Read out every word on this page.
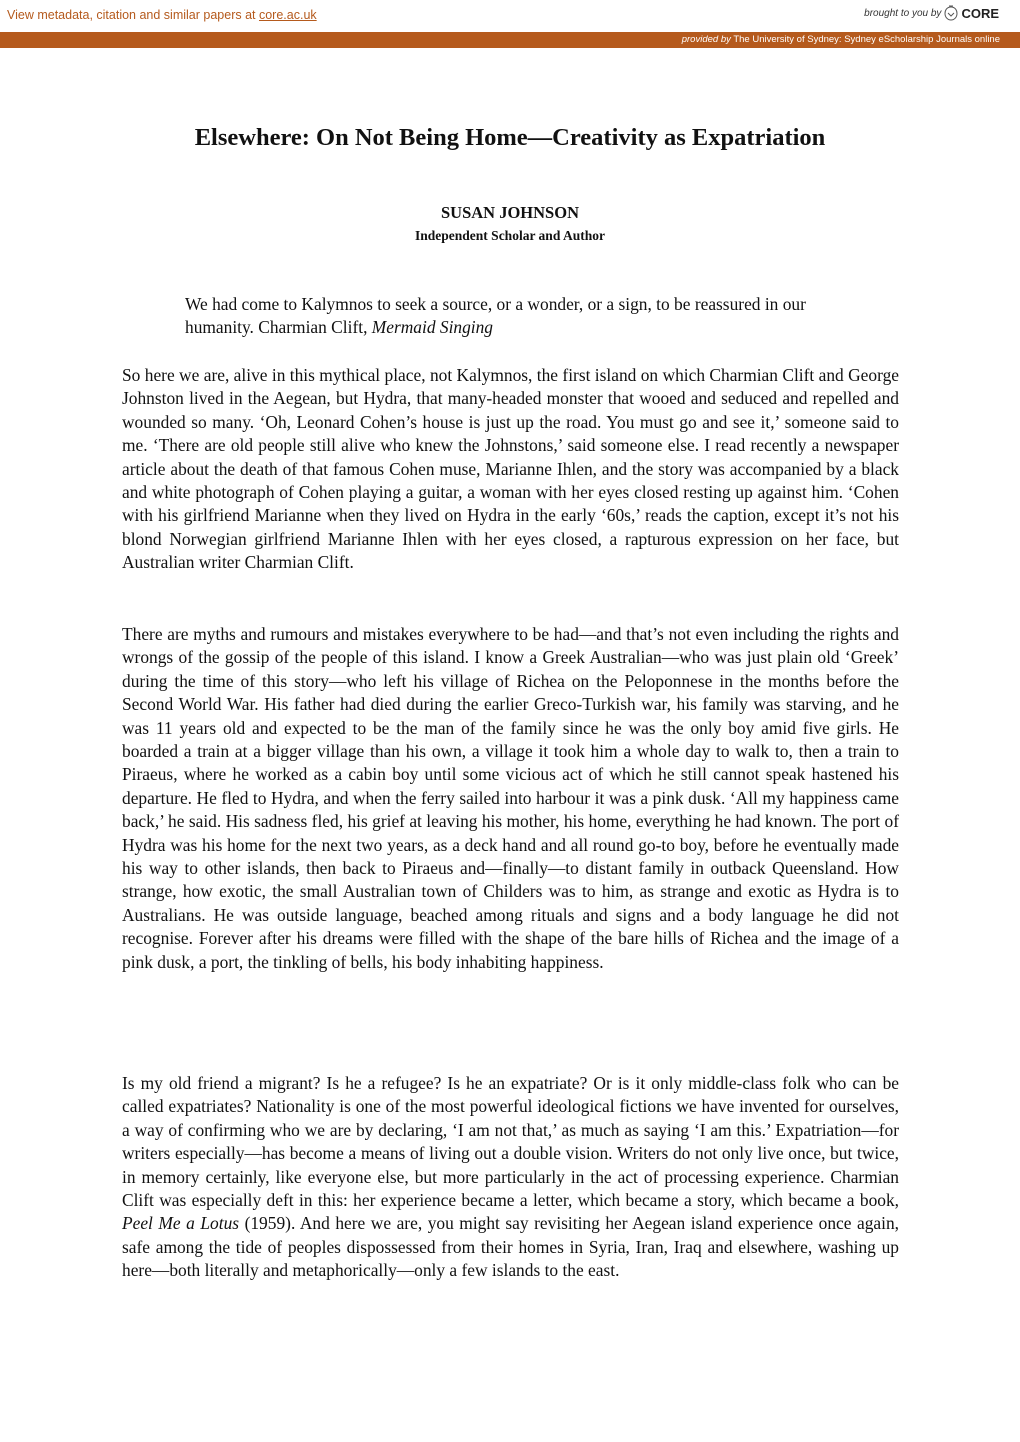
View metadata, citation and similar papers at core.ac.uk	brought to you by CORE
provided by The University of Sydney: Sydney eScholarship Journals online
Elsewhere: On Not Being Home—Creativity as Expatriation

SUSAN JOHNSON

Independent Scholar and Author

We had come to Kalymnos to seek a source, or a wonder, or a sign, to be reassured in our humanity. Charmian Clift, Mermaid Singing

So here we are, alive in this mythical place, not Kalymnos, the first island on which Charmian Clift and George Johnston lived in the Aegean, but Hydra, that many-headed monster that wooed and seduced and repelled and wounded so many. ‘Oh, Leonard Cohen’s house is just up the road. You must go and see it,’ someone said to me. ‘There are old people still alive who knew the Johnstons,’ said someone else. I read recently a newspaper article about the death of that famous Cohen muse, Marianne Ihlen, and the story was accompanied by a black and white photograph of Cohen playing a guitar, a woman with her eyes closed resting up against him. ‘Cohen with his girlfriend Marianne when they lived on Hydra in the early ‘60s,’ reads the caption, except it’s not his blond Norwegian girlfriend Marianne Ihlen with her eyes closed, a rapturous expression on her face, but Australian writer Charmian Clift.

There are myths and rumours and mistakes everywhere to be had—and that’s not even including the rights and wrongs of the gossip of the people of this island. I know a Greek Australian—who was just plain old ‘Greek’ during the time of this story—who left his village of Richea on the Peloponnese in the months before the Second World War. His father had died during the earlier Greco-Turkish war, his family was starving, and he was 11 years old and expected to be the man of the family since he was the only boy amid five girls. He boarded a train at a bigger village than his own, a village it took him a whole day to walk to, then a train to Piraeus, where he worked as a cabin boy until some vicious act of which he still cannot speak hastened his departure. He fled to Hydra, and when the ferry sailed into harbour it was a pink dusk. ‘All my happiness came back,’ he said. His sadness fled, his grief at leaving his mother, his home, everything he had known. The port of Hydra was his home for the next two years, as a deck hand and all round go-to boy, before he eventually made his way to other islands, then back to Piraeus and—finally—to distant family in outback Queensland. How strange, how exotic, the small Australian town of Childers was to him, as strange and exotic as Hydra is to Australians. He was outside language, beached among rituals and signs and a body language he did not recognise. Forever after his dreams were filled with the shape of the bare hills of Richea and the image of a pink dusk, a port, the tinkling of bells, his body inhabiting happiness.

Is my old friend a migrant? Is he a refugee? Is he an expatriate? Or is it only middle-class folk who can be called expatriates? Nationality is one of the most powerful ideological fictions we have invented for ourselves, a way of confirming who we are by declaring, ‘I am not that,’ as much as saying ‘I am this.’ Expatriation—for writers especially—has become a means of living out a double vision. Writers do not only live once, but twice, in memory certainly, like everyone else, but more particularly in the act of processing experience. Charmian Clift was especially deft in this: her experience became a letter, which became a story, which became a book, Peel Me a Lotus (1959). And here we are, you might say revisiting her Aegean island experience once again, safe among the tide of peoples dispossessed from their homes in Syria, Iran, Iraq and elsewhere, washing up here—both literally and metaphorically—only a few islands to the east.
